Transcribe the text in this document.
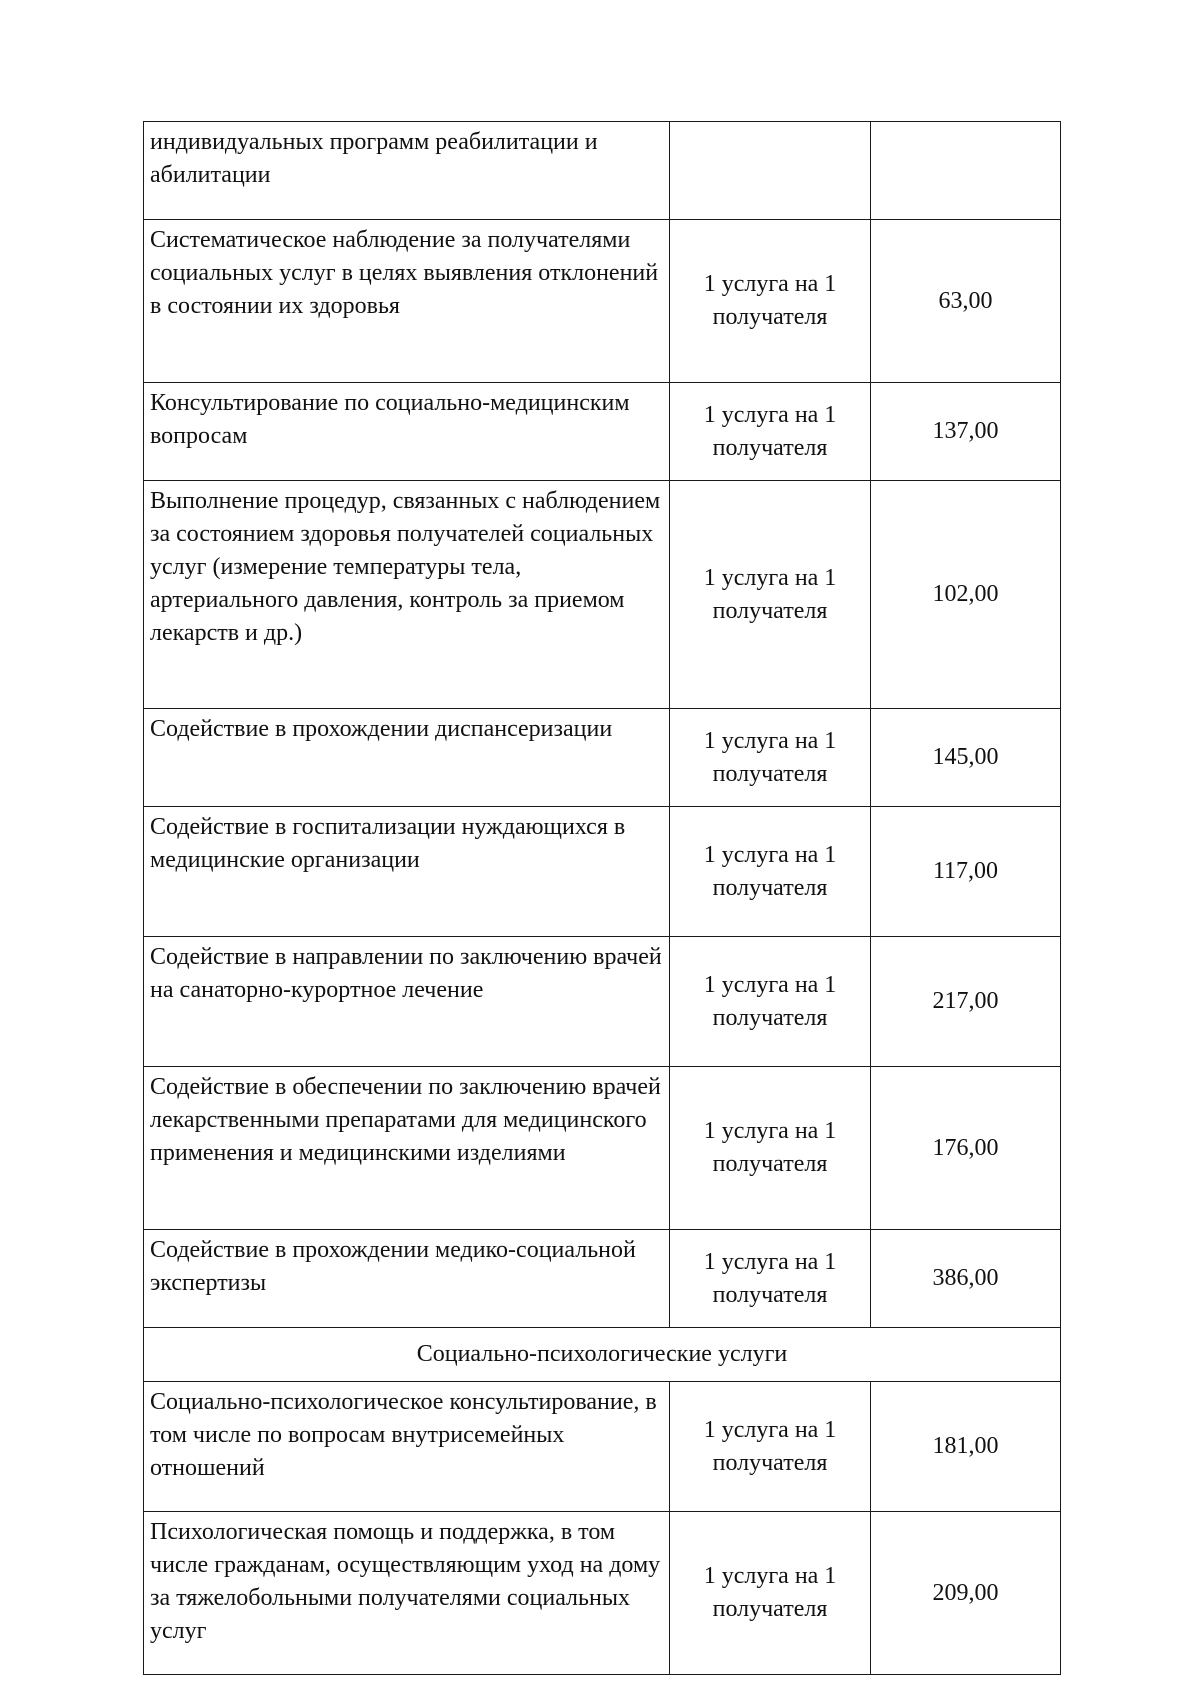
индивидуальных программ реабилитации и абилитации		
Систематическое наблюдение за получателями социальных услуг в целях выявления отклонений в состоянии их здоровья	1 услуга на 1 получателя	63,00
Консультирование по социально-медицинским вопросам	1 услуга на 1 получателя	137,00
Выполнение процедур, связанных с наблюдением за состоянием здоровья получателей социальных услуг (измерение температуры тела, артериального давления, контроль за приемом лекарств и др.)	1 услуга на 1 получателя	102,00
Содействие в прохождении диспансеризации	1 услуга на 1 получателя	145,00
Содействие в госпитализации нуждающихся в медицинские организации	1 услуга на 1 получателя	117,00
Содействие в направлении по заключению врачей на санаторно-курортное лечение	1 услуга на 1 получателя	217,00
Содействие в обеспечении по заключению врачей лекарственными препаратами для медицинского применения и медицинскими изделиями	1 услуга на 1 получателя	176,00
Содействие в прохождении медико-социальной экспертизы	1 услуга на 1 получателя	386,00
Социально-психологические услуги		
Социально-психологическое консультирование, в том числе по вопросам внутрисемейных отношений	1 услуга на 1 получателя	181,00
Психологическая помощь и поддержка, в том числе гражданам, осуществляющим уход на дому за тяжелобольными получателями социальных услуг	1 услуга на 1 получателя	209,00
